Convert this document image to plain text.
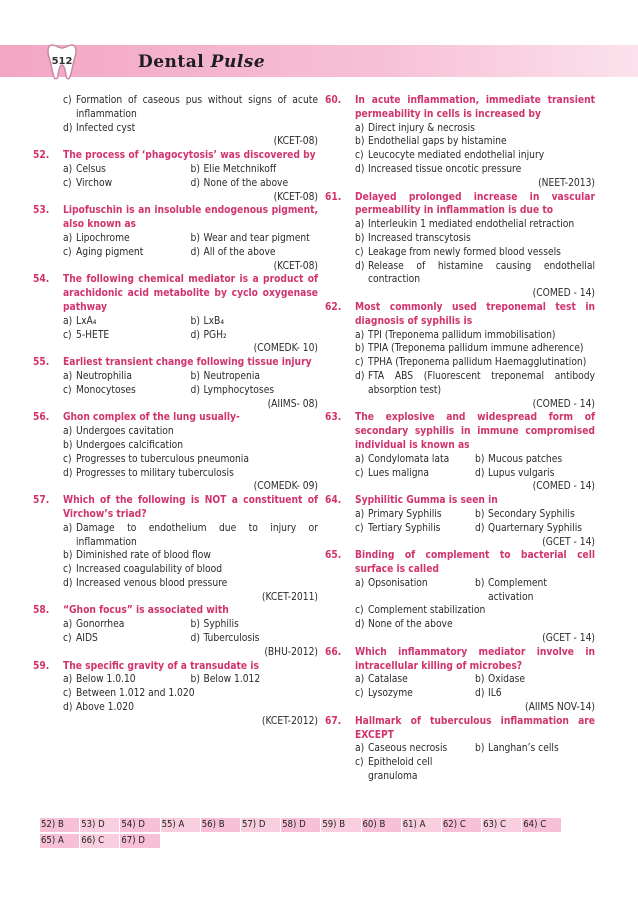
512	Dental Pulse
c) Formation of caseous pus without signs of acute inflammation
d) Infected cyst
(KCET-08)
52.	The process of ‘phagocytosis’ was discovered by
a) Celsus	b) Elie Metchnikoff
c) Virchow	d) None of the above
(KCET-08)
53.	Lipofuschin is an insoluble endogenous pigment, also known as
a) Lipochrome	b) Wear and tear pigment
c) Aging pigment	d) All of the above
(KCET-08)
54.	The following chemical mediator is a product of arachidonic acid metabolite by cyclo oxygenase pathway
a) LxA₄	b) LxB₄
c) 5-HETE	d) PGH₂
(COMEDK- 10)
55.	Earliest transient change following tissue injury
a) Neutrophilia	b) Neutropenia
c) Monocytoses	d) Lymphocytoses
(AIIMS- 08)
56.	Ghon complex of the lung usually-
a) Undergoes cavitation
b) Undergoes calcification
c) Progresses to tuberculous pneumonia
d) Progresses to military tuberculosis
(COMEDK- 09)
57.	Which of the following is NOT a constituent of Virchow’s triad?
a) Damage to endothelium due to injury or inflammation
b) Diminished rate of blood flow
c) Increased coagulability of blood
d) Increased venous blood pressure
(KCET-2011)
58.	“Ghon focus” is associated with
a) Gonorrhea	b) Syphilis
c) AIDS	d) Tuberculosis
(BHU-2012)
59.	The specific gravity of a transudate is
a) Below 1.0.10	b) Below 1.012
c) Between 1.012 and 1.020
d) Above 1.020
(KCET-2012)
60.	In acute inflammation, immediate transient permeability in cells is increased by
a) Direct injury & necrosis
b) Endothelial gaps by histamine
c) Leucocyte mediated endothelial injury
d) Increased tissue oncotic pressure
(NEET-2013)
61.	Delayed prolonged increase in vascular permeability in inflammation is due to
a) Interleukin 1 mediated endothelial retraction
b) Increased transcytosis
c) Leakage from newly formed blood vessels
d) Release of histamine causing endothelial contraction
(COMED - 14)
62.	Most commonly used treponemal test in diagnosis of syphilis is
a) TPI (Treponema pallidum immobilisation)
b) TPIA (Treponema pallidum immune adherence)
c) TPHA (Treponema pallidum Haemagglutination)
d) FTA ABS (Fluorescent treponemal antibody absorption test)
(COMED - 14)
63.	The explosive and widespread form of secondary syphilis in immune compromised individual is known as
a) Condylomata lata	b) Mucous patches
c) Lues maligna	d) Lupus vulgaris
(COMED - 14)
64.	Syphilitic Gumma is seen in
a) Primary Syphilis	b) Secondary Syphilis
c) Tertiary Syphilis	d) Quarternary Syphilis
(GCET - 14)
65.	Binding of complement to bacterial cell surface is called
a) Opsonisation	b) Complement activation
c) Complement stabilization
d) None of the above
(GCET - 14)
66.	Which inflammatory mediator involve in intracellular killing of microbes?
a) Catalase	b) Oxidase
c) Lysozyme	d) IL6
(AIIMS NOV-14)
67.	Hallmark of tuberculous inflammation are EXCEPT
a) Caseous necrosis	b) Langhan’s cells
c) Epitheloid cell granuloma
52) B	53) D	54) D	55) A	56) B	57) D	58) D	59) B	60) B	61) A	62) C	63) C	64) C
65) A	66) C	67) D
